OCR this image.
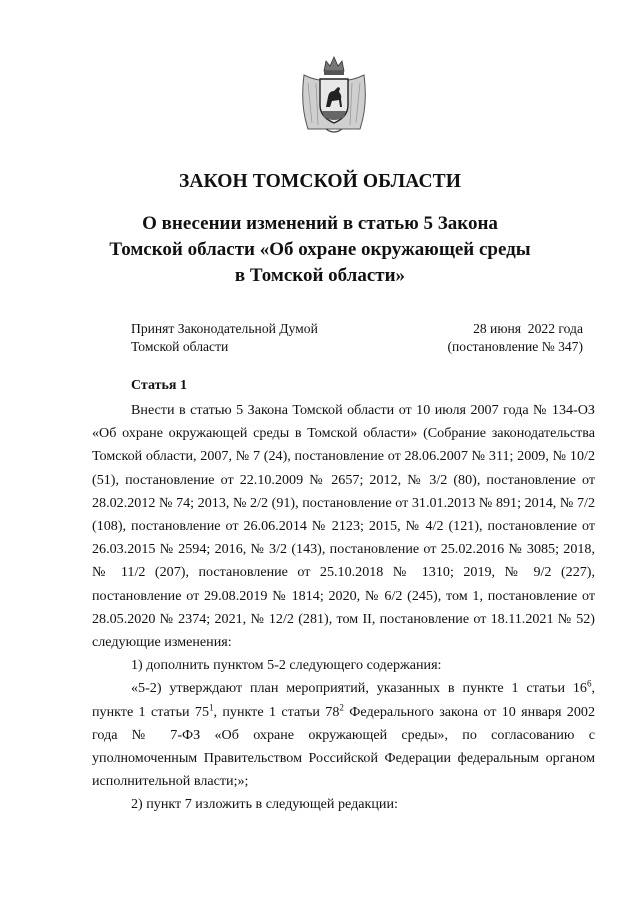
ЗАКОН ТОМСКОЙ ОБЛАСТИ
О внесении изменений в статью 5 Закона
Томской области «Об охране окружающей среды
в Томской области»
Принят Законодательной Думой
Томской области
28 июня  2022 года
(постановление № 347)
Статья 1

Внести в статью 5 Закона Томской области от 10 июля 2007 года № 134-ОЗ «Об охране окружающей среды в Томской области» (Собрание законодательства Томской области, 2007, № 7 (24), постановление от 28.06.2007 № 311; 2009, № 10/2 (51), постановление от 22.10.2009 № 2657; 2012, № 3/2 (80), постановление от 28.02.2012 № 74; 2013, № 2/2 (91), постановление от 31.01.2013 № 891; 2014, № 7/2 (108), постановление от 26.06.2014 № 2123; 2015, № 4/2 (121), постановление от 26.03.2015 № 2594; 2016, № 3/2 (143), постановление от 25.02.2016 № 3085; 2018, № 11/2 (207), постановление от 25.10.2018 № 1310; 2019, № 9/2 (227), постановление от 29.08.2019 № 1814; 2020, № 6/2 (245), том 1, постановление от 28.05.2020 № 2374; 2021, № 12/2 (281), том II, постановление от 18.11.2021 № 52) следующие изменения:

1) дополнить пунктом 5-2 следующего содержания:

«5-2) утверждают план мероприятий, указанных в пункте 1 статьи $16^6$, пункте 1 статьи $75^1$, пункте 1 статьи $78^2$ Федерального закона от 10 января 2002 года № 7-ФЗ «Об охране окружающей среды», по согласованию с уполномоченным Правительством Российской Федерации федеральным органом исполнительной власти;»;

2) пункт 7 изложить в следующей редакции:
